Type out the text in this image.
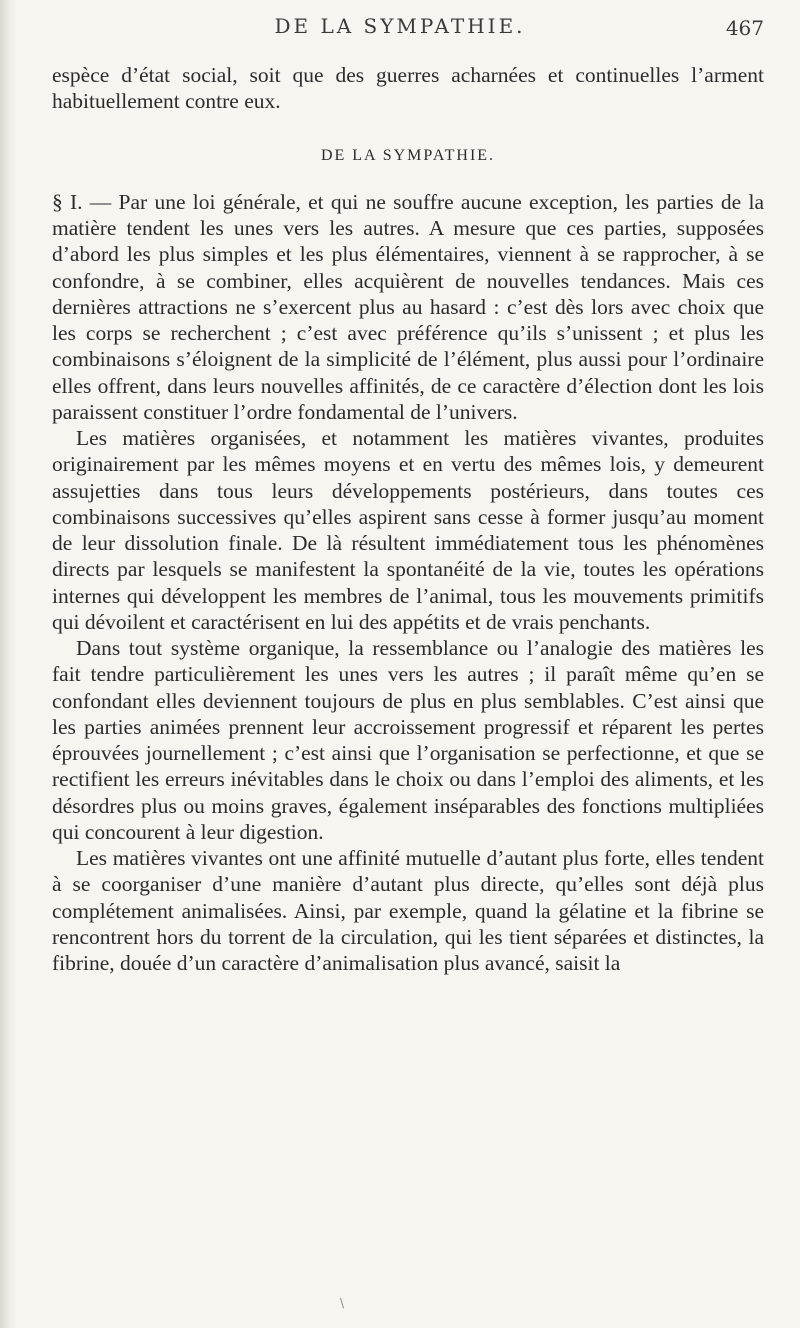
DE LA SYMPATHIE.	467

espèce d’état social, soit que des guerres acharnées et continuelles l’arment habituellement contre eux.

DE LA SYMPATHIE.

§ I. — Par une loi générale, et qui ne souffre aucune exception, les parties de la matière tendent les unes vers les autres. A mesure que ces parties, supposées d’abord les plus simples et les plus élémentaires, viennent à se rapprocher, à se confondre, à se combiner, elles acquièrent de nouvelles tendances. Mais ces dernières attractions ne s’exercent plus au hasard : c’est dès lors avec choix que les corps se recherchent ; c’est avec préférence qu’ils s’unissent ; et plus les combinaisons s’éloignent de la simplicité de l’élément, plus aussi pour l’ordinaire elles offrent, dans leurs nouvelles affinités, de ce caractère d’élection dont les lois paraissent constituer l’ordre fondamental de l’univers.

Les matières organisées, et notamment les matières vivantes, produites originairement par les mêmes moyens et en vertu des mêmes lois, y demeurent assujetties dans tous leurs développements postérieurs, dans toutes ces combinaisons successives qu’elles aspirent sans cesse à former jusqu’au moment de leur dissolution finale. De là résultent immédiatement tous les phénomènes directs par lesquels se manifestent la spontanéité de la vie, toutes les opérations internes qui développent les membres de l’animal, tous les mouvements primitifs qui dévoilent et caractérisent en lui des appétits et de vrais penchants.

Dans tout système organique, la ressemblance ou l’analogie des matières les fait tendre particulièrement les unes vers les autres ; il paraît même qu’en se confondant elles deviennent toujours de plus en plus semblables. C’est ainsi que les parties animées prennent leur accroissement progressif et réparent les pertes éprouvées journellement ; c’est ainsi que l’organisation se perfectionne, et que se rectifient les erreurs inévitables dans le choix ou dans l’emploi des aliments, et les désordres plus ou moins graves, également inséparables des fonctions multipliées qui concourent à leur digestion.

Les matières vivantes ont une affinité mutuelle d’autant plus forte, elles tendent à se coorganiser d’une manière d’autant plus directe, qu’elles sont déjà plus complétement animalisées. Ainsi, par exemple, quand la gélatine et la fibrine se rencontrent hors du torrent de la circulation, qui les tient séparées et distinctes, la fibrine, douée d’un caractère d’animalisation plus avancé, saisit la

\
